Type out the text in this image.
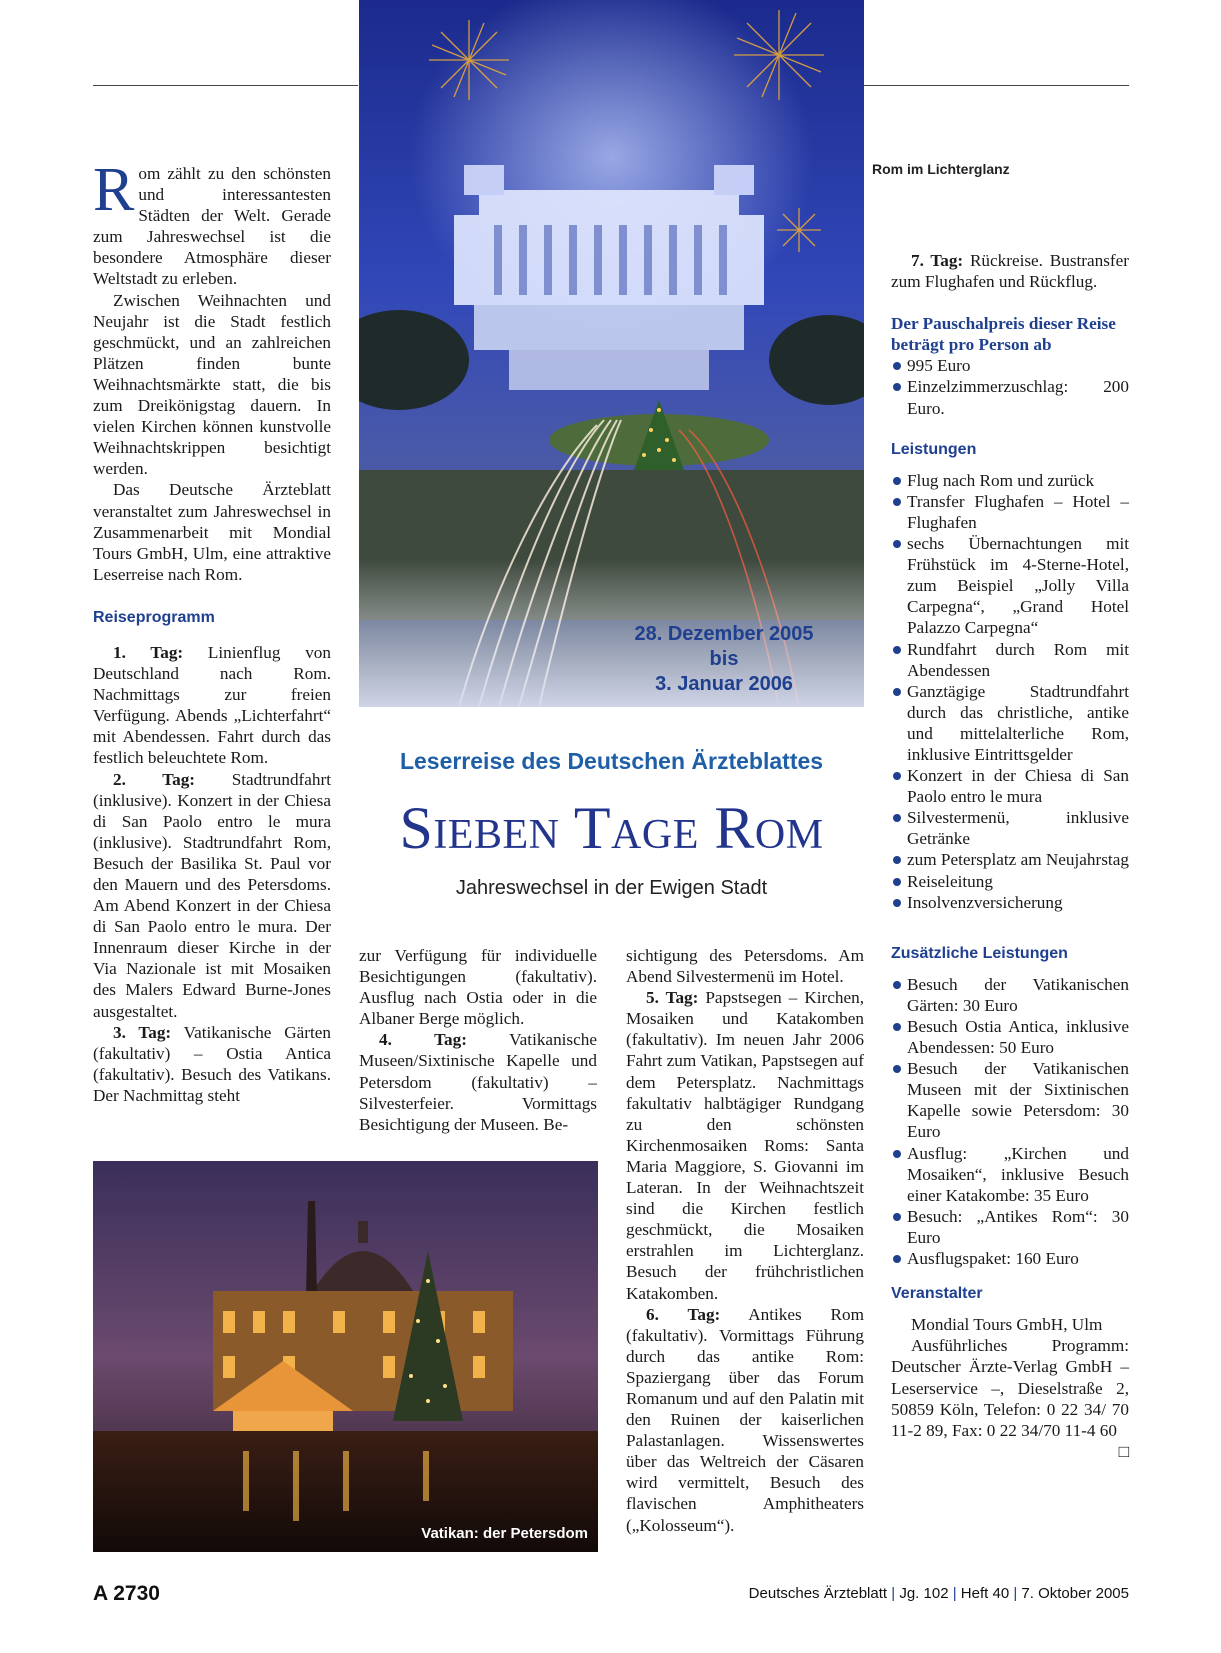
28. Dezember 2005
bis
3. Januar 2006
Rom im Lichterglanz
Leserreise des Deutschen Ärzteblattes
Sieben Tage Rom
Jahreswechsel in der Ewigen Stadt

Rom zählt zu den schönsten und interessantesten Städten der Welt. Gerade zum Jahreswechsel ist die besondere Atmosphäre dieser Weltstadt zu erleben.

Zwischen Weihnachten und Neujahr ist die Stadt festlich geschmückt, und an zahlreichen Plätzen finden bunte Weihnachtsmärkte statt, die bis zum Dreikönigstag dauern. In vielen Kirchen können kunstvolle Weihnachtskrippen besichtigt werden.

Das Deutsche Ärzteblatt veranstaltet zum Jahreswechsel in Zusammenarbeit mit Mondial Tours GmbH, Ulm, eine attraktive Leserreise nach Rom.

Reiseprogramm

1. Tag: Linienflug von Deutschland nach Rom. Nachmittags zur freien Verfügung. Abends „Lichterfahrt“ mit Abendessen. Fahrt durch das festlich beleuchtete Rom.

2. Tag: Stadtrundfahrt (inklusive). Konzert in der Chiesa di San Paolo entro le mura (inklusive). Stadtrundfahrt Rom, Besuch der Basilika St. Paul vor den Mauern und des Petersdoms. Am Abend Konzert in der Chiesa di San Paolo entro le mura. Der Innenraum dieser Kirche in der Via Nazionale ist mit Mosaiken des Malers Edward Burne-Jones ausgestaltet.

3. Tag: Vatikanische Gärten (fakultativ) – Ostia Antica (fakultativ). Besuch des Vatikans. Der Nachmittag steht

zur Verfügung für individuelle Besichtigungen (fakultativ). Ausflug nach Ostia oder in die Albaner Berge möglich.

4. Tag: Vatikanische Museen/Sixtinische Kapelle und Petersdom (fakultativ) – Silvesterfeier. Vormittags Besichtigung der Museen. Be-

sichtigung des Petersdoms. Am Abend Silvestermenü im Hotel.

5. Tag: Papstsegen – Kirchen, Mosaiken und Katakomben (fakultativ). Im neuen Jahr 2006 Fahrt zum Vatikan, Papstsegen auf dem Petersplatz. Nachmittags fakultativ halbtägiger Rundgang zu den schönsten Kirchenmosaiken Roms: Santa Maria Maggiore, S. Giovanni im Lateran. In der Weihnachtszeit sind die Kirchen festlich geschmückt, die Mosaiken erstrahlen im Lichterglanz. Besuch der frühchristlichen Katakomben.

6. Tag: Antikes Rom (fakultativ). Vormittags Führung durch das antike Rom: Spaziergang über das Forum Romanum und auf den Palatin mit den Ruinen der kaiserlichen Palastanlagen. Wissenswertes über das Weltreich der Cäsaren wird vermittelt, Besuch des flavischen Amphitheaters („Kolosseum“).

Vatikan: der Petersdom

7. Tag: Rückreise. Bustransfer zum Flughafen und Rückflug.

Der Pauschalpreis dieser Reise beträgt pro Person ab

995 Euro

Einzelzimmerzuschlag: 200 Euro.

Leistungen

Flug nach Rom und zurück

Transfer Flughafen – Hotel – Flughafen

sechs Übernachtungen mit Frühstück im 4-Sterne-Hotel, zum Beispiel „Jolly Villa Carpegna“, „Grand Hotel Palazzo Carpegna“

Rundfahrt durch Rom mit Abendessen

Ganztägige Stadtrundfahrt durch das christliche, antike und mittelalterliche Rom, inklusive Eintrittsgelder

Konzert in der Chiesa di San Paolo entro le mura

Silvestermenü, inklusive Getränke

zum Petersplatz am Neujahrstag

Reiseleitung

Insolvenzversicherung

Zusätzliche Leistungen

Besuch der Vatikanischen Gärten: 30 Euro

Besuch Ostia Antica, inklusive Abendessen: 50 Euro

Besuch der Vatikanischen Museen mit der Sixtinischen Kapelle sowie Petersdom: 30 Euro

Ausflug: „Kirchen und Mosaiken“, inklusive Besuch einer Katakombe: 35 Euro

Besuch: „Antikes Rom“: 30 Euro

Ausflugspaket: 160 Euro

Veranstalter

Mondial Tours GmbH, Ulm

Ausführliches Programm: Deutscher Ärzte-Verlag GmbH – Leserservice –, Dieselstraße 2, 50859 Köln, Telefon: 0 22 34/ 70 11-2 89, Fax: 0 22 34/70 11-4 60
□

A 2730	Deutsches Ärzteblatt | Jg. 102 | Heft 40 | 7. Oktober 2005
